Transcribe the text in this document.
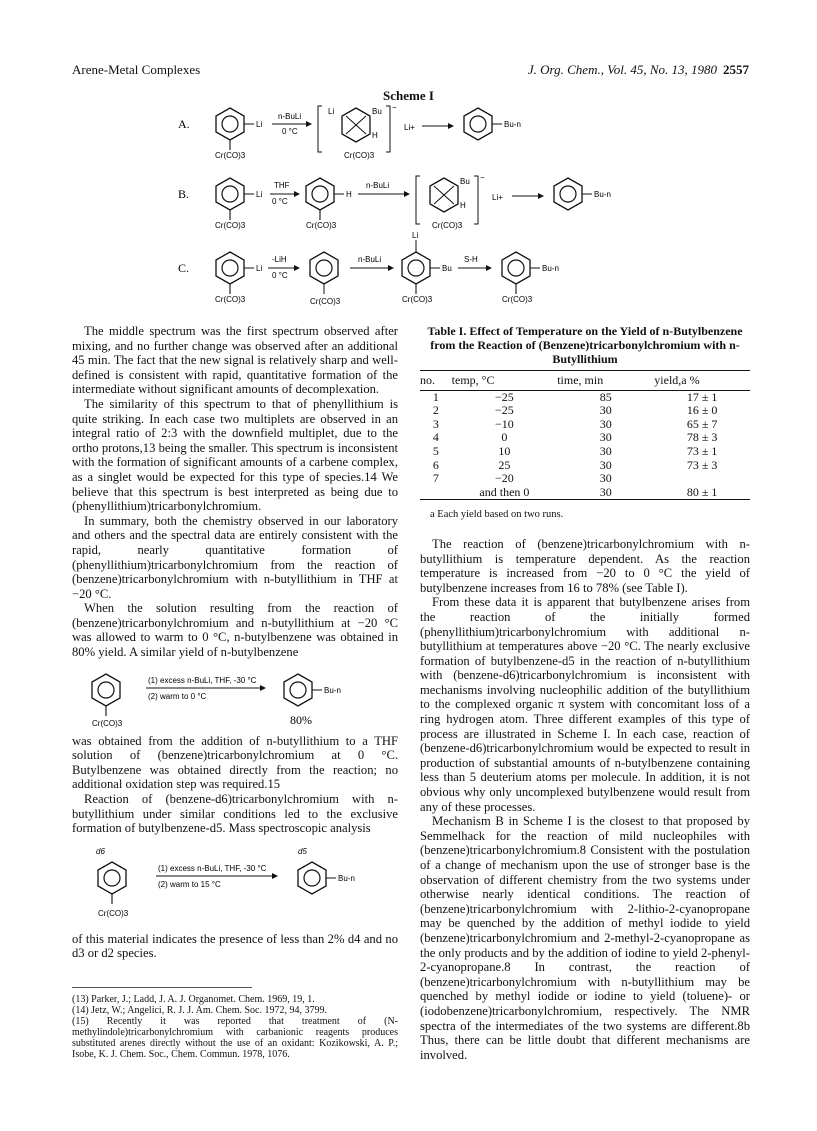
Arene-Metal Complexes	J. Org. Chem., Vol. 45, No. 13, 1980 2557
Scheme I
A.	Li
Cr(CO)3
n-BuLi
0 °C
Li	Bu
H
Cr(CO)3
−
Li+	Bu-n
B.	Li
Cr(CO)3
THF
0 °C
H
Cr(CO)3
n-BuLi	Bu
H
Cr(CO)3
−
Li+	Bu-n
C.	Li
Cr(CO)3
-LiH
0 °C
Cr(CO)3
n-BuLi
Li
Bu
Cr(CO)3
S-H
Bu-n
Cr(CO)3

The middle spectrum was the first spectrum observed after mixing, and no further change was observed after an additional 45 min. The fact that the new signal is relatively sharp and well-defined is consistent with rapid, quantitative formation of the intermediate without significant amounts of decomplexation.

The similarity of this spectrum to that of phenyllithium is quite striking. In each case two multiplets are observed in an integral ratio of 2:3 with the downfield multiplet, due to the ortho protons,13 being the smaller. This spectrum is inconsistent with the formation of significant amounts of a carbene complex, as a singlet would be expected for this type of species.14 We believe that this spectrum is best interpreted as being due to (phenyllithium)tricarbonylchromium.

In summary, both the chemistry observed in our laboratory and others and the spectral data are entirely consistent with the rapid, nearly quantitative formation of (phenyllithium)tricarbonylchromium from the reaction of (benzene)tricarbonylchromium with n-butyllithium in THF at −20 °C.

When the solution resulting from the reaction of (benzene)tricarbonylchromium and n-butyllithium at −20 °C was allowed to warm to 0 °C, n-butylbenzene was obtained in 80% yield. A similar yield of n-butylbenzene

Cr(CO)3
(1) excess n-BuLi, THF, -30 °C
(2) warm to 0 °C
Bu-n
80%

was obtained from the addition of n-butyllithium to a THF solution of (benzene)tricarbonylchromium at 0 °C. Butylbenzene was obtained directly from the reaction; no additional oxidation step was required.15

Reaction of (benzene-d6)tricarbonylchromium with n-butyllithium under similar conditions led to the exclusive formation of butylbenzene-d5. Mass spectroscopic analysis

d6
Cr(CO)3
(1) excess n-BuLi, THF, -30 °C
(2) warm to 15 °C
d5
Bu-n

of this material indicates the presence of less than 2% d4 and no d3 or d2 species.

(13) Parker, J.; Ladd, J. A. J. Organomet. Chem. 1969, 19, 1.

(14) Jetz, W.; Angelici, R. J. J. Am. Chem. Soc. 1972, 94, 3799.

(15) Recently it was reported that treatment of (N-methylindole)tricarbonylchromium with carbanionic reagents produces substituted arenes directly without the use of an oxidant: Kozikowski, A. P.; Isobe, K. J. Chem. Soc., Chem. Commun. 1978, 1076.

Table I. Effect of Temperature on the Yield of n-Butylbenzene from the Reaction of (Benzene)tricarbonylchromium with n-Butyllithium
no.	temp, °C	time, min	yield,a %
1	−25	85	17 ± 1
2	−25	30	16 ± 0
3	−10	30	65 ± 7
4	0	30	78 ± 3
5	10	30	73 ± 1
6	25	30	73 ± 3
7	−20	30	
	and then 0	30	80 ± 1
a Each yield based on two runs.

The reaction of (benzene)tricarbonylchromium with n-butyllithium is temperature dependent. As the reaction temperature is increased from −20 to 0 °C the yield of butylbenzene increases from 16 to 78% (see Table I).

From these data it is apparent that butylbenzene arises from the reaction of the initially formed (phenyllithium)tricarbonylchromium with additional n-butyllithium at temperatures above −20 °C. The nearly exclusive formation of butylbenzene-d5 in the reaction of n-butyllithium with (benzene-d6)tricarbonylchromium is inconsistent with mechanisms involving nucleophilic addition of the butyllithium to the complexed organic π system with concomitant loss of a ring hydrogen atom. Three different examples of this type of process are illustrated in Scheme I. In each case, reaction of (benzene-d6)tricarbonylchromium would be expected to result in production of substantial amounts of n-butylbenzene containing less than 5 deuterium atoms per molecule. In addition, it is not obvious why only uncomplexed butylbenzene would result from any of these processes.

Mechanism B in Scheme I is the closest to that proposed by Semmelhack for the reaction of mild nucleophiles with (benzene)tricarbonylchromium.8 Consistent with the postulation of a change of mechanism upon the use of stronger base is the observation of different chemistry from the two systems under otherwise nearly identical conditions. The reaction of (benzene)tricarbonylchromium with 2-lithio-2-cyanopropane may be quenched by the addition of methyl iodide to yield (benzene)tricarbonylchromium and 2-methyl-2-cyanopropane as the only products and by the addition of iodine to yield 2-phenyl-2-cyanopropane.8 In contrast, the reaction of (benzene)tricarbonylchromium with n-butyllithium may be quenched by methyl iodide or iodine to yield (toluene)- or (iodobenzene)tricarbonylchromium, respectively. The NMR spectra of the intermediates of the two systems are different.8b Thus, there can be little doubt that different mechanisms are involved.
